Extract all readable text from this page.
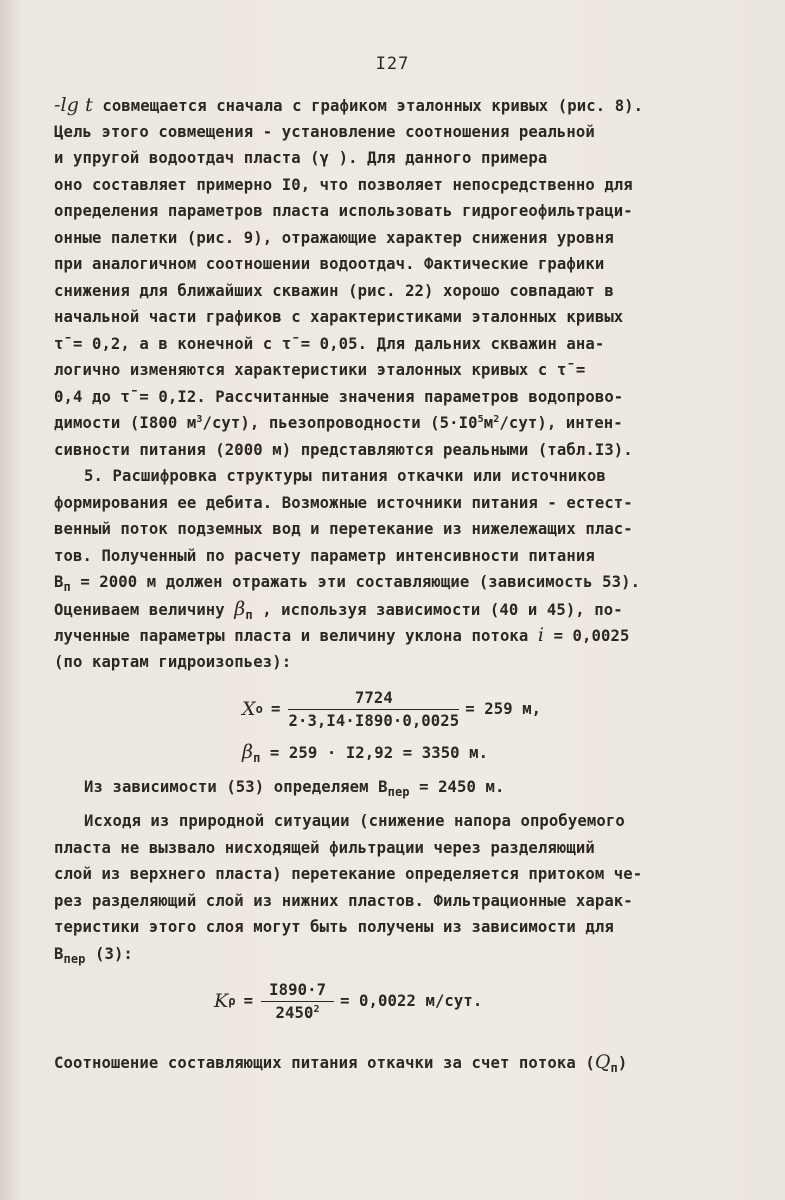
I27
-lg t совмещается сначала с графиком эталонных кривых (рис. 8).
Цель этого совмещения - установление соотношения реальной
и упругой водоотдач пласта (γ ). Для данного примера
оно составляет примерно I0, что позволяет непосредственно для
определения параметров пласта использовать гидрогеофильтраци-
онные палетки (рис. 9), отражающие характер снижения уровня
при аналогичном соотношении водоотдач. Фактические графики
снижения для ближайших скважин (рис. 22) хорошо совпадают в
начальной части графиков с характеристиками эталонных кривых
τ̄ = 0,2, а в конечной с τ̄ = 0,05. Для дальних скважин ана-
логично изменяются характеристики эталонных кривых с τ̄ =
0,4 до τ̄ = 0,I2. Рассчитанные значения параметров водопрово-
димости (I800 $м^3/сут$), пьезопроводности $(5\cdot I0^5м^2/сут)$, интен-
сивности питания (2000 м) представляются реальными (табл.I3).
5. Расшифровка структуры питания откачки или источников
формирования ее дебита. Возможные источники питания - естест-
венный поток подземных вод и перетекание из нижележащих плас-
тов. Полученный по расчету параметр интенсивности питания
$B_п = 2000$ м должен отражать эти составляющие (зависимость 53).
Оцениваем величину $\beta_п$ , используя зависимости (40 и 45), по-
лученные параметры пласта и величину уклона потока i = 0,0025
(по картам гидроизопьез):
X $o = \frac{7724}{2\cdot 3,I4\cdot I890\cdot 0,0025} = 259$ м,
$\beta_п = 259 \cdot I2,92 = 3350$ м.
Из зависимости (53) определяем $B_{пер} = 2450$ м.
Исходя из природной ситуации (снижение напора опробуемого
пласта не вызвало нисходящей фильтрации через разделяющий
слой из верхнего пласта) перетекание определяется притоком че-
рез разделяющий слой из нижних пластов. Фильтрационные харак-
теристики этого слоя могут быть получены из зависимости для
$B_{пер}$ (3):
K $\rho = \frac{I890\cdot 7}{2450^2} = 0,0022$ м/сут.
Соотношение составляющих питания откачки за счет потока $(Q_п)$
